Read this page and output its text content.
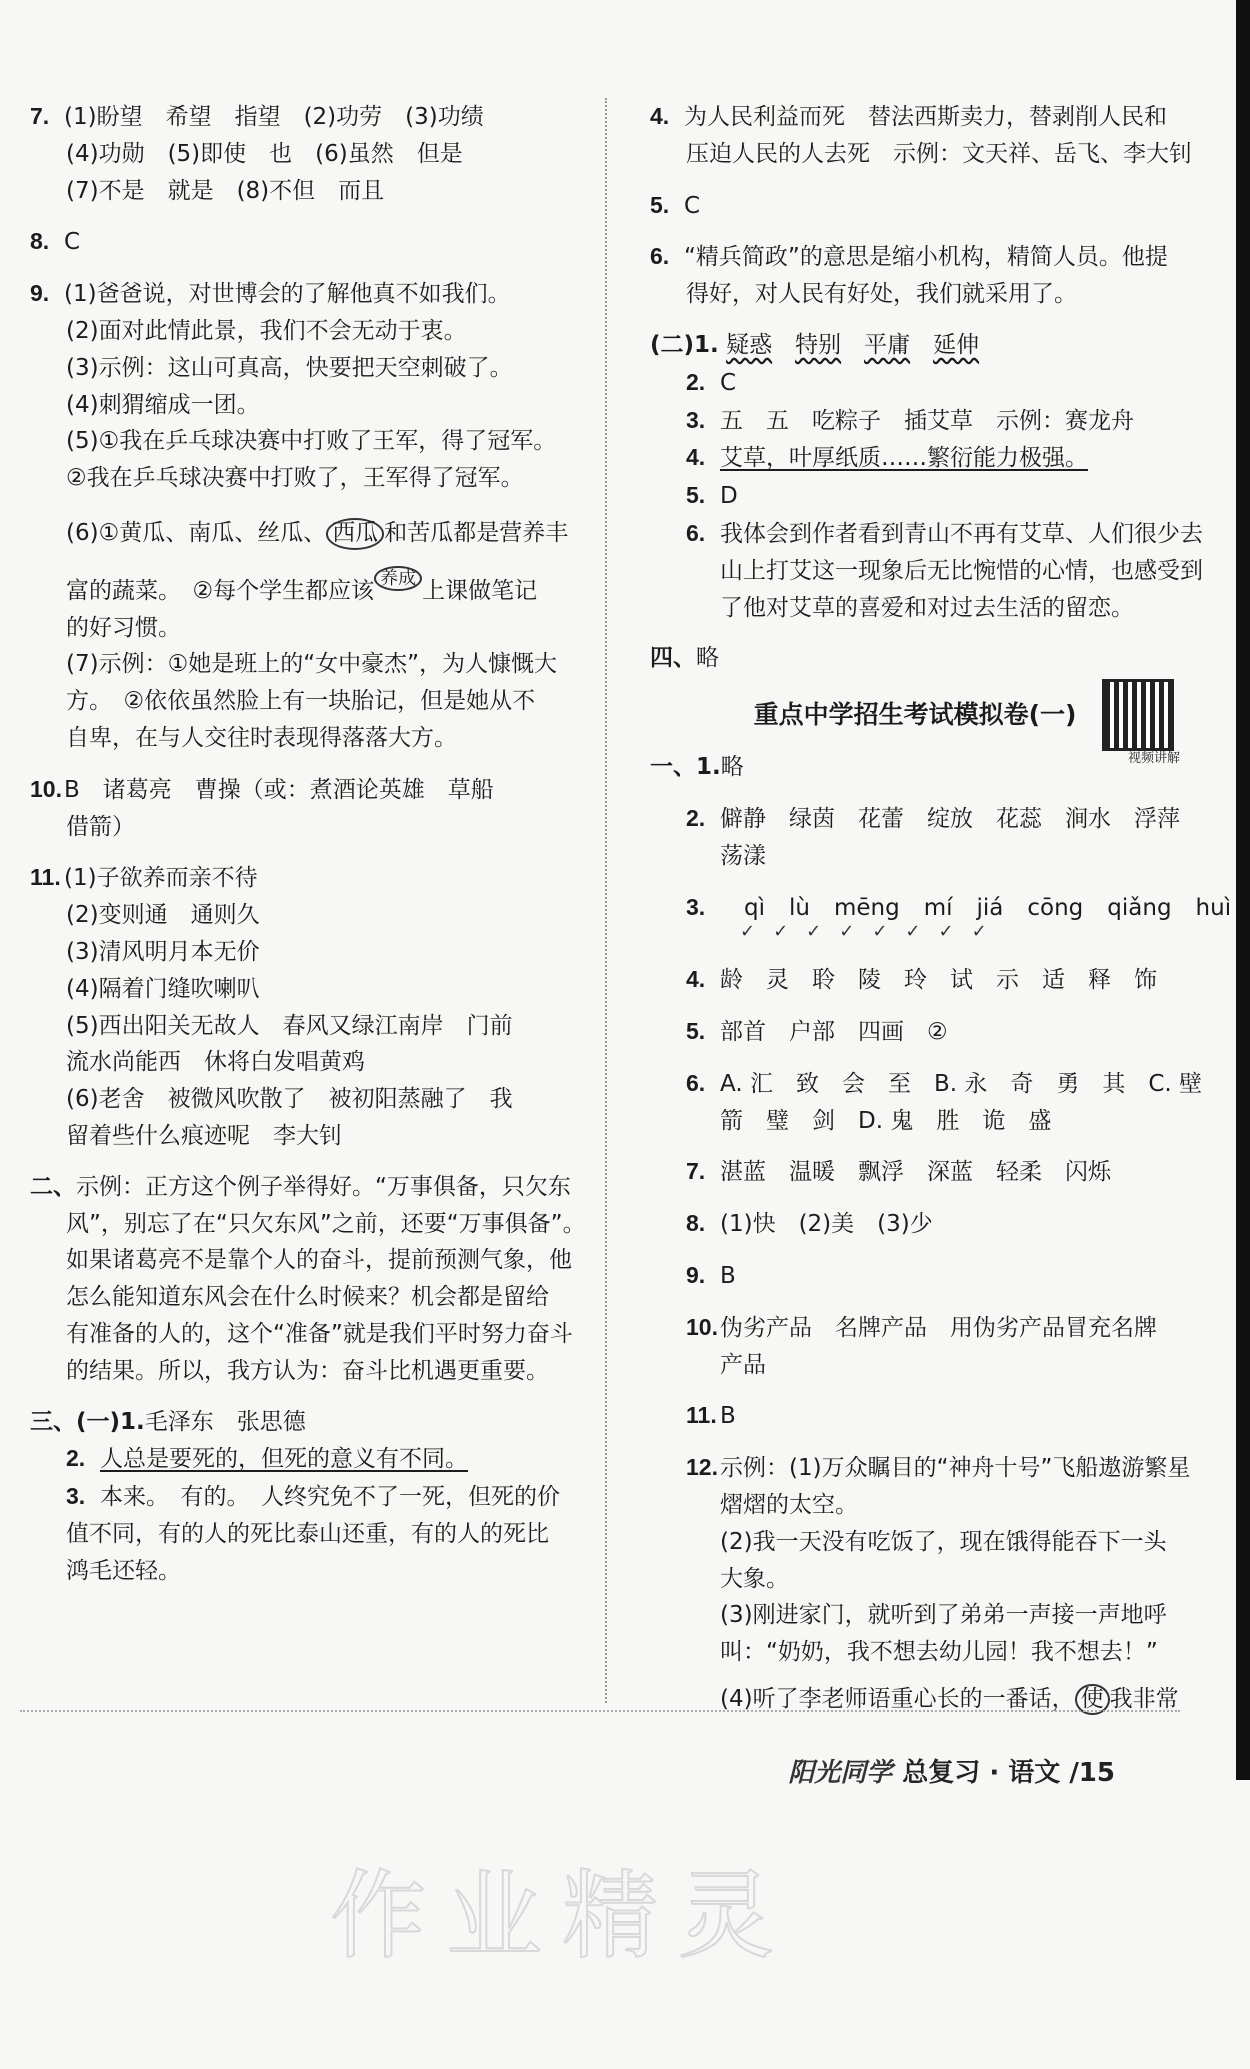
7. (1)盼望　希望　指望　(2)功劳　(3)功绩
(4)功勋　(5)即使　也　(6)虽然　但是
(7)不是　就是　(8)不但　而且
8. C
9. (1)爸爸说，对世博会的了解他真不如我们。
(2)面对此情此景，我们不会无动于衷。
(3)示例：这山可真高，快要把天空刺破了。
(4)刺猬缩成一团。
(5)①我在乒乓球决赛中打败了王军，得了冠军。
②我在乒乓球决赛中打败了，王军得了冠军。
(6)①黄瓜、南瓜、丝瓜、 西瓜 和苦瓜都是营养丰
富的蔬菜。　②每个学生都应该 养成 上课做笔记
的好习惯。
(7)示例：①她是班上的“女中豪杰”，为人慷慨大
方。　②依依虽然脸上有一块胎记，但是她从不
自卑，在与人交往时表现得落落大方。
10.B　诸葛亮　曹操（或：煮酒论英雄　草船
借箭）
11. (1)子欲养而亲不待
(2)变则通　通则久
(3)清风明月本无价
(4)隔着门缝吹喇叭
(5)西出阳关无故人　春风又绿江南岸　门前
流水尚能西　休将白发唱黄鸡
(6)老舍　被微风吹散了　被初阳蒸融了　我
留着些什么痕迹呢　李大钊
二、示例：正方这个例子举得好。“万事俱备，只欠东
风”，别忘了在“只欠东风”之前，还要“万事俱备”。
如果诸葛亮不是靠个人的奋斗，提前预测气象，他
怎么能知道东风会在什么时候来？机会都是留给
有准备的人的，这个“准备”就是我们平时努力奋斗
的结果。所以，我方认为：奋斗比机遇更重要。
三、(一)1.毛泽东　张思德
2. 人总是要死的，但死的意义有不同。
3. 本来。　有的。　人终究免不了一死，但死的价
值不同，有的人的死比泰山还重，有的人的死比
鸿毛还轻。
4. 为人民利益而死　替法西斯卖力，替剥削人民和
压迫人民的人去死　示例：文天祥、岳飞、李大钊
5. C
6. “精兵简政”的意思是缩小机构，精简人员。他提
得好，对人民有好处，我们就采用了。
(二)1. 疑惑　 特别　 平庸　 延伸
2. C
3. 五　五　吃粽子　插艾草　示例：赛龙舟
4. 艾草，叶厚纸质……繁衍能力极强。
5. D
6. 我体会到作者看到青山不再有艾草、人们很少去
山上打艾这一现象后无比惋惜的心情，也感受到
了他对艾草的喜爱和对过去生活的留恋。
四、略
重点中学招生考试模拟卷(一)
视频讲解
一、1.略
2. 僻静　绿茵　花蕾　绽放　花蕊　涧水　浮萍
荡漾
3. qì lù mēng mí jiá cōng qiǎng huì
✓　✓　✓　✓　✓　✓　✓　✓
4. 龄　灵　聆　陵　玲　试　示　适　释　饰
5. 部首　户部　四画　②
6. A. 汇　致　会　至　B. 永　奇　勇　其　C. 壁
箭　璧　剑　D. 鬼　胜　诡　盛
7. 湛蓝　温暖　飘浮　深蓝　轻柔　闪烁
8. (1)快　(2)美　(3)少
9. B
10.伪劣产品　名牌产品　用伪劣产品冒充名牌
产品
11. B
12.示例：(1)万众瞩目的“神舟十号”飞船遨游繁星
熠熠的太空。
(2)我一天没有吃饭了，现在饿得能吞下一头
大象。
(3)刚进家门，就听到了弟弟一声接一声地呼
叫：“奶奶，我不想去幼儿园！我不想去！”
(4)听了李老师语重心长的一番话， 使 我非常
阳光同学 总复习 · 语文 /15
作业精灵
